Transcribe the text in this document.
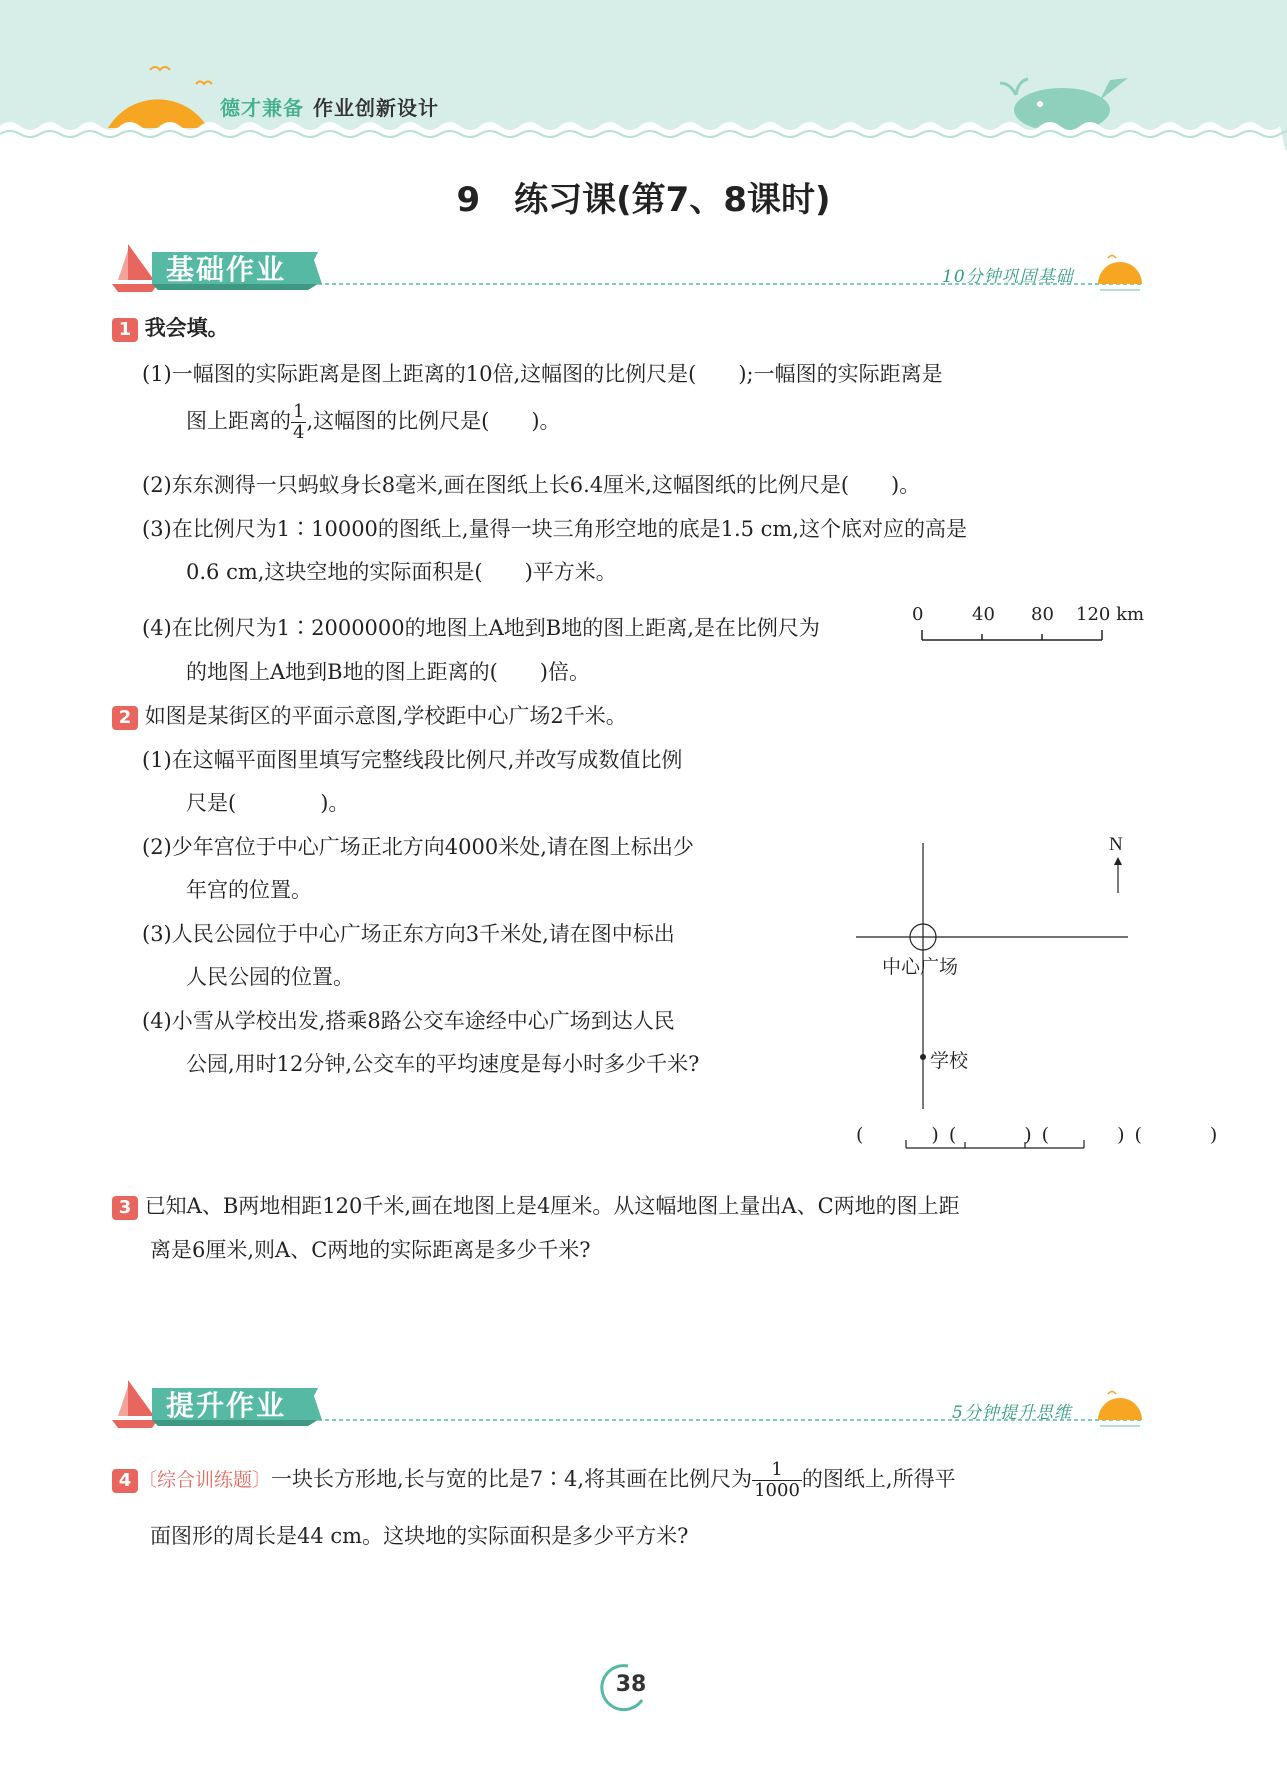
德才兼备 作业创新设计
9　练习课(第7、8课时)
基础作业	10分钟巩固基础
1 我会填。
(1)一幅图的实际距离是图上距离的10倍,这幅图的比例尺是(　　);一幅图的实际距离是
图上距离的 $\frac{1}{4}$ ,这幅图的比例尺是(　　)。
(2)东东测得一只蚂蚁身长8毫米,画在图纸上长6.4厘米,这幅图纸的比例尺是(　　)。
(3)在比例尺为1∶10000的图纸上,量得一块三角形空地的底是1.5 cm,这个底对应的高是
0.6 cm,这块空地的实际面积是(　　)平方米。
(4)在比例尺为1∶2000000的地图上A地到B地的图上距离,是在比例尺为
的地图上A地到B地的图上距离的(　　)倍。
0	40 80 120 km
2 如图是某街区的平面示意图,学校距中心广场2千米。
(1)在这幅平面图里填写完整线段比例尺,并改写成数值比例
尺是(　　　　)。
(2)少年宫位于中心广场正北方向4000米处,请在图上标出少
年宫的位置。
(3)人民公园位于中心广场正东方向3千米处,请在图中标出
人民公园的位置。
(4)小雪从学校出发,搭乘8路公交车途经中心广场到达人民
公园,用时12分钟,公交车的平均速度是每小时多少千米?
N
中心广场
学校
(　　)(　　)(　　)(　　)
3 已知A、B两地相距120千米,画在地图上是4厘米。从这幅地图上量出A、C两地的图上距
离是6厘米,则A、C两地的实际距离是多少千米?
提升作业	5分钟提升思维
4 〔综合训练题〕一块长方形地,长与宽的比是7∶4,将其画在比例尺为 $\frac{1}{1000}$ 的图纸上,所得平
面图形的周长是44 cm。这块地的实际面积是多少平方米?
38
